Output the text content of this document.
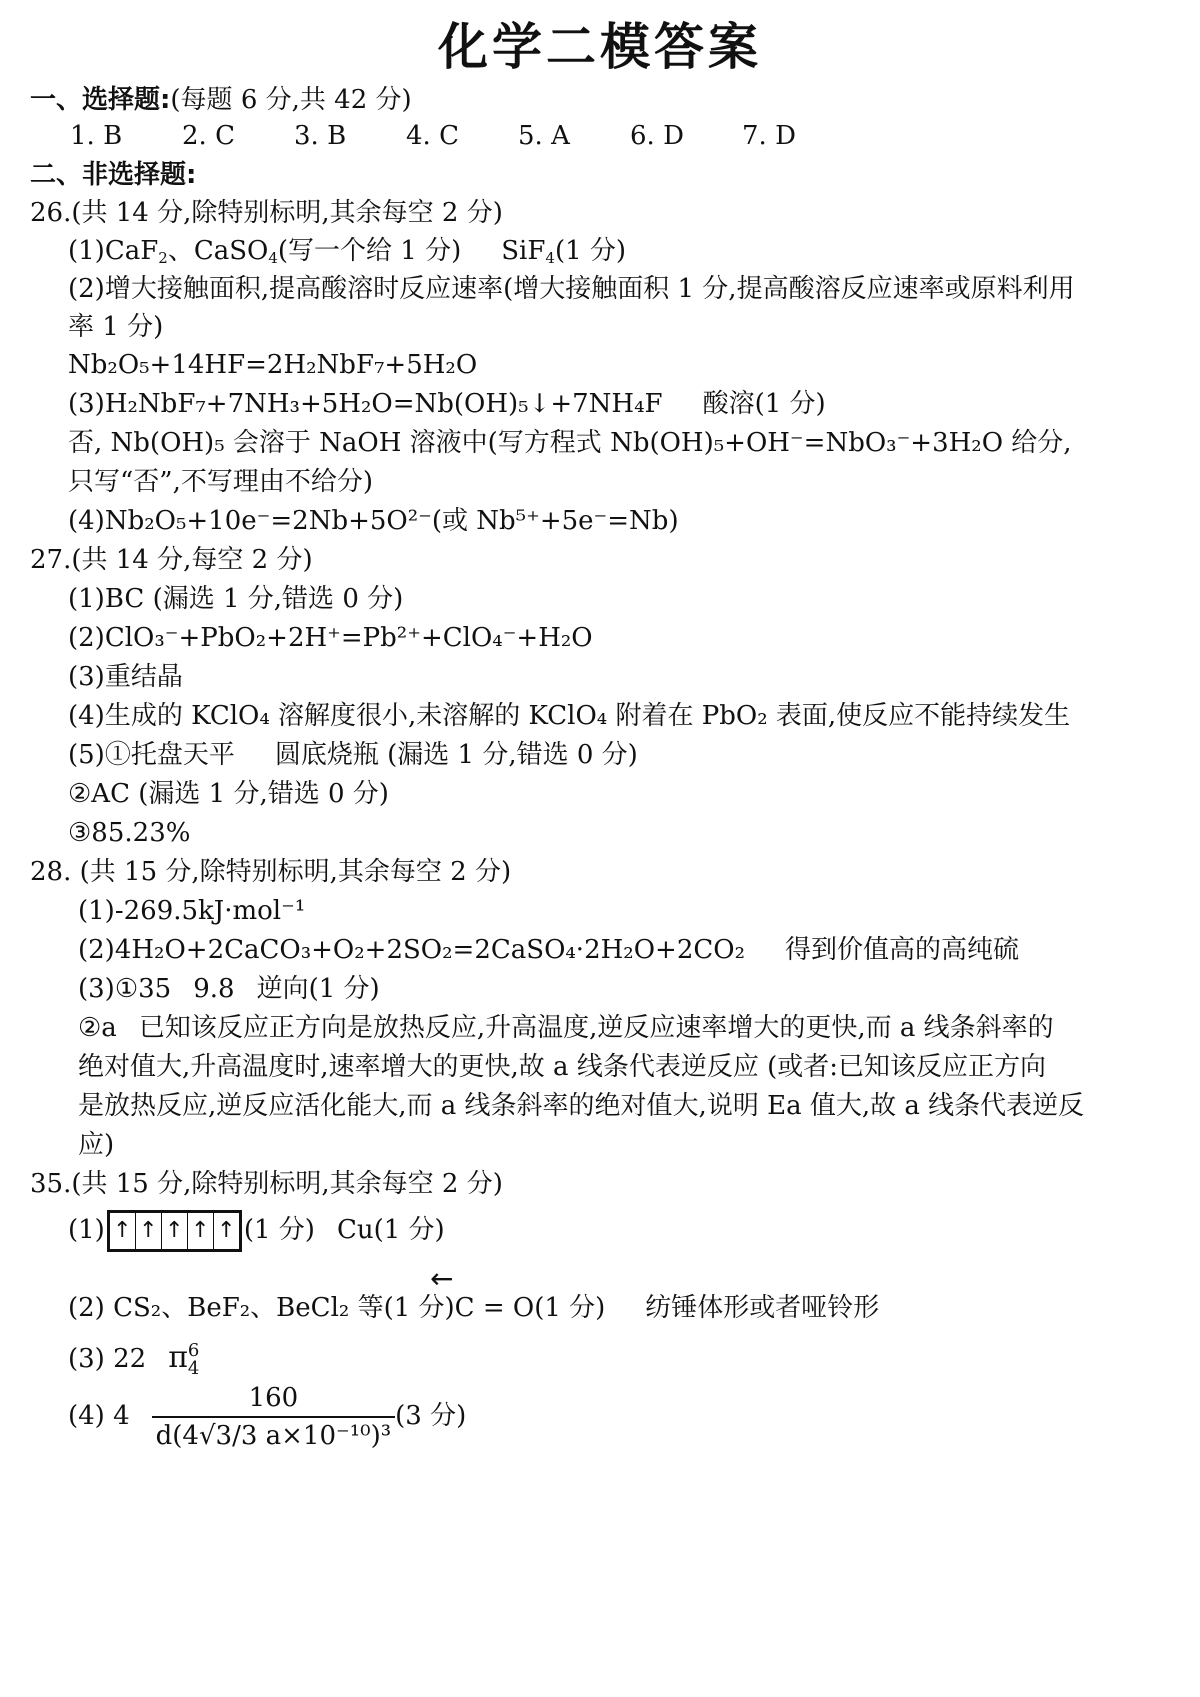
化学二模答案
一、选择题:(每题 6 分,共 42 分)
1. B	2. C	3. B	4. C	5. A	6. D	7. D
二、非选择题:
26.(共 14 分,除特别标明,其余每空 2 分)
(1)CaF$_2$、CaSO$_4$(写一个给 1 分) SiF$_4$(1 分)
(2)增大接触面积,提高酸溶时反应速率(增大接触面积 1 分,提高酸溶反应速率或原料利用
率 1 分)
Nb₂O₅+14HF=2H₂NbF₇+5H₂O
(3)H₂NbF₇+7NH₃+5H₂O=Nb(OH)₅↓+7NH₄F 酸溶(1 分)
否, Nb(OH)₅ 会溶于 NaOH 溶液中(写方程式 Nb(OH)₅+OH⁻=NbO₃⁻+3H₂O 给分,
只写“否”,不写理由不给分)
(4)Nb₂O₅+10e⁻=2Nb+5O²⁻(或 Nb⁵⁺+5e⁻=Nb)
27.(共 14 分,每空 2 分)
(1)BC (漏选 1 分,错选 0 分)
(2)ClO₃⁻+PbO₂+2H⁺=Pb²⁺+ClO₄⁻+H₂O
(3)重结晶
(4)生成的 KClO₄ 溶解度很小,未溶解的 KClO₄ 附着在 PbO₂ 表面,使反应不能持续发生
(5)①托盘天平 圆底烧瓶 (漏选 1 分,错选 0 分)
②AC (漏选 1 分,错选 0 分)
③85.23%
28. (共 15 分,除特别标明,其余每空 2 分)
(1)-269.5kJ·mol⁻¹
(2)4H₂O+2CaCO₃+O₂+2SO₂=2CaSO₄·2H₂O+2CO₂ 得到价值高的高纯硫
(3)①35 9.8 逆向(1 分)
②a 已知该反应正方向是放热反应,升高温度,逆反应速率增大的更快,而 a 线条斜率的
绝对值大,升高温度时,速率增大的更快,故 a 线条代表逆反应 (或者:已知该反应正方向
是放热反应,逆反应活化能大,而 a 线条斜率的绝对值大,说明 Ea 值大,故 a 线条代表逆反
应)
35.(共 15 分,除特别标明,其余每空 2 分)
(1) ↑ ↑ ↑ ↑ ↑ (1 分) Cu(1 分)
←
(2) CS₂、BeF₂、BeCl₂ 等(1 分)C = O(1 分) 纺锤体形或者哑铃形
(3) 22 π 6
4
(4) $4 \frac{160}{\text{d(4√3/3 a×10⁻¹⁰)³}} (3$ 分)
